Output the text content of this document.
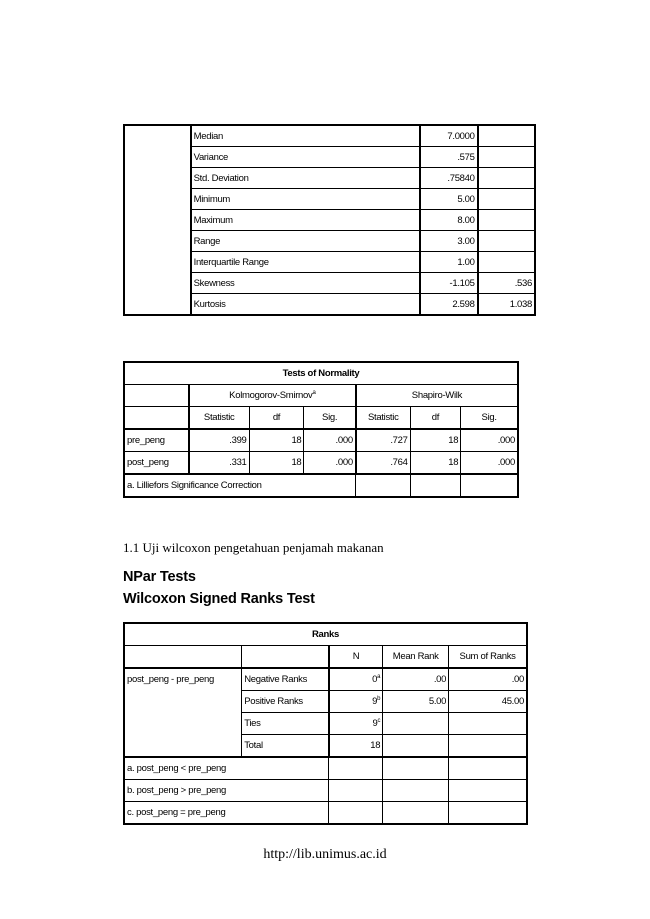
	Median	7.0000	
	Variance	.575	
	Std. Deviation	.75840	
	Minimum	5.00	
	Maximum	8.00	
	Range	3.00	
	Interquartile Range	1.00	
	Skewness	-1.105	.536
	Kurtosis	2.598	1.038
Tests of Normality						
	Kolmogorov-Smirnov$^a$			Shapiro-Wilk		
	Statistic	df	Sig.	Statistic	df	Sig.
pre_peng	.399	18	.000	.727	18	.000
post_peng	.331	18	.000	.764	18	.000
a. Lilliefors Significance Correction						
1.1 Uji wilcoxon pengetahuan penjamah makanan
NPar Tests
Wilcoxon Signed Ranks Test
Ranks				
		N	Mean Rank	Sum of Ranks
post_peng - pre_peng	Negative Ranks	0$^a$	.00	.00
	Positive Ranks	9$^b$	5.00	45.00
	Ties	9$^c$		
	Total	18		
a. post_peng < pre_peng				
b. post_peng > pre_peng				
c. post_peng = pre_peng				
http://lib.unimus.ac.id
